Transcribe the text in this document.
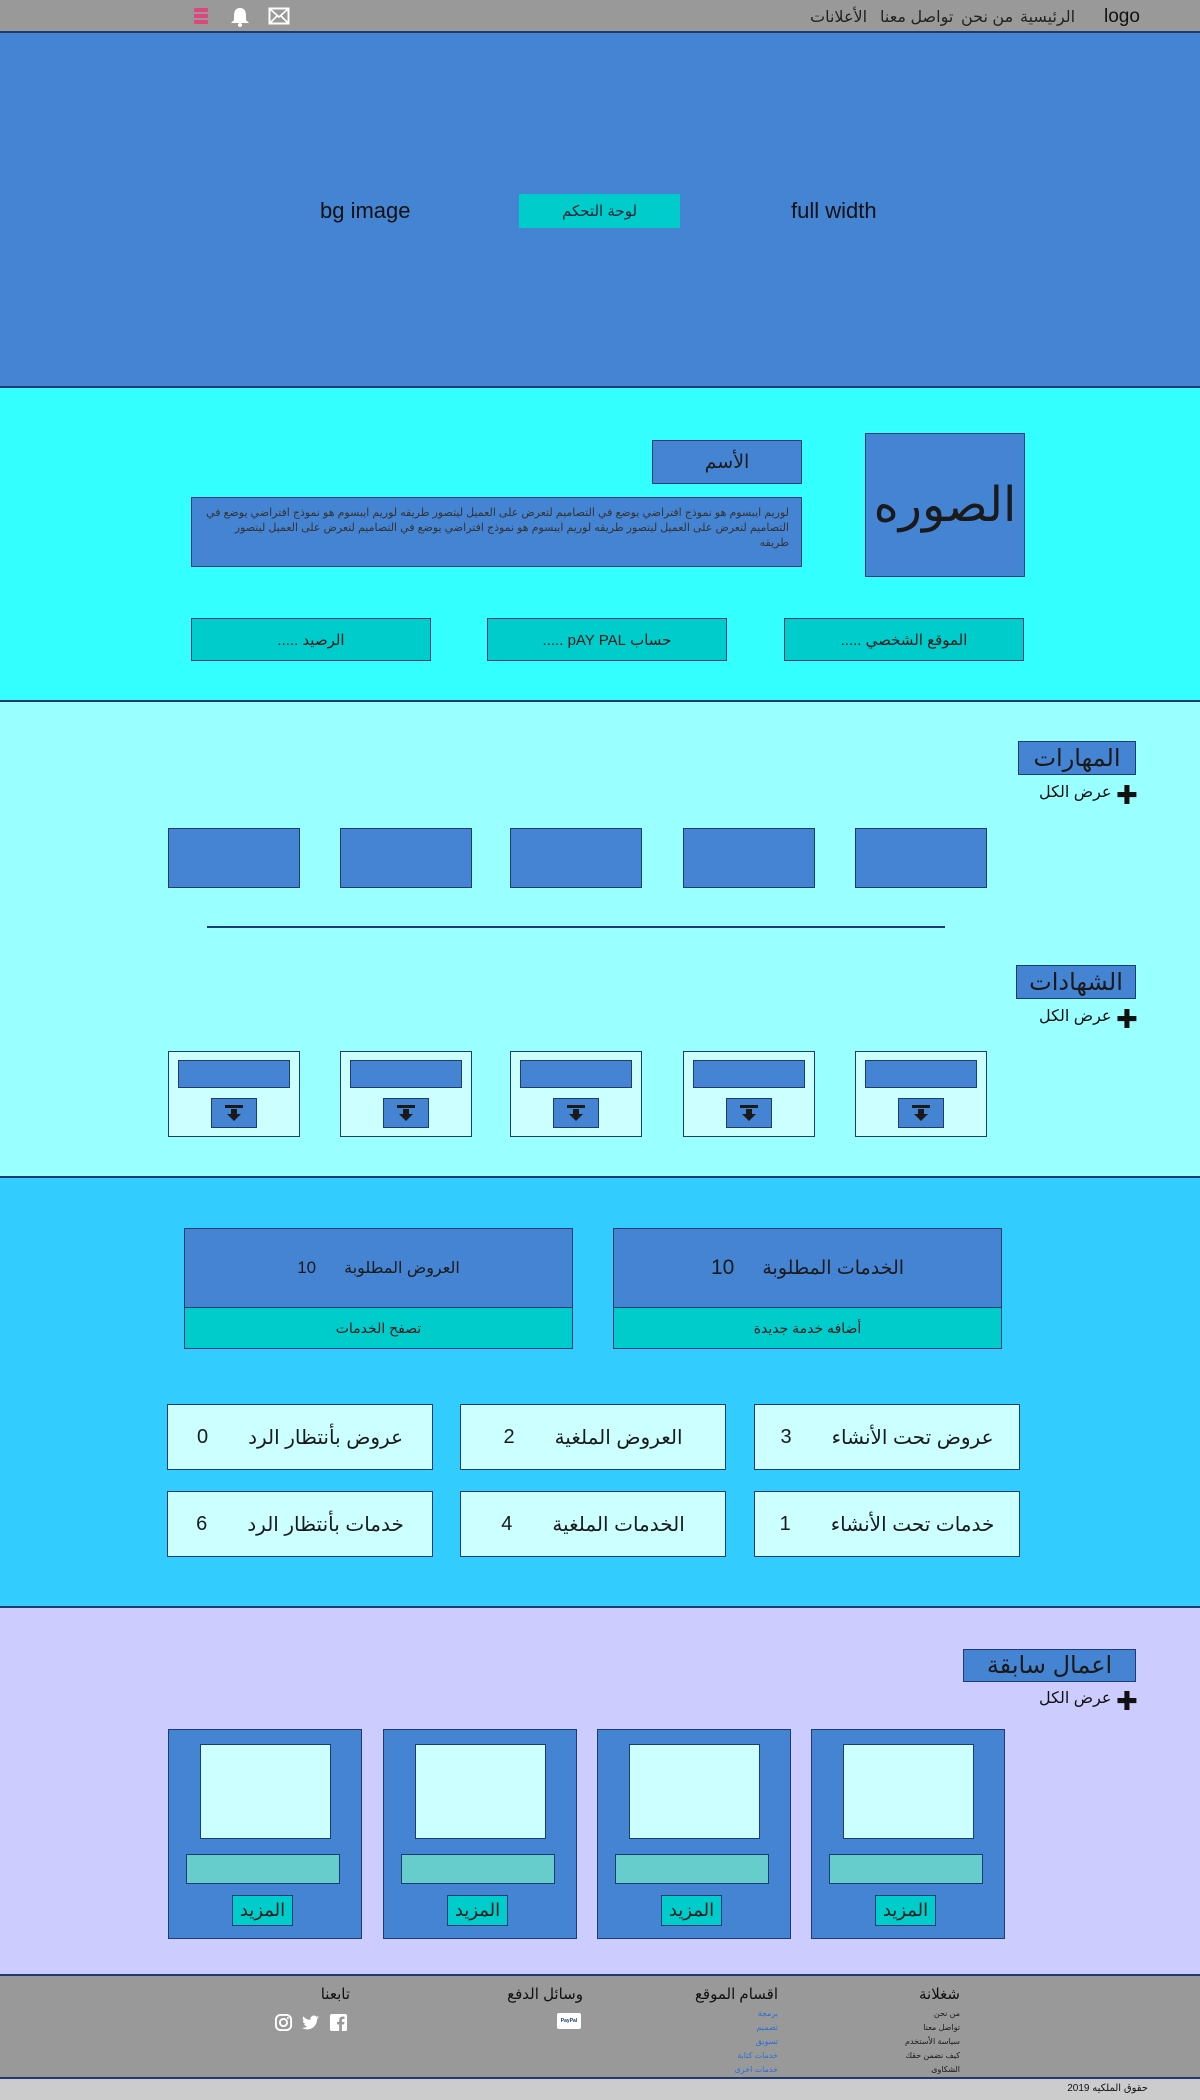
logo
الرئيسية
من نحن
تواصل معنا
الأعلانات
bg image	لوحة التحكم	full width
الصوره
الأسم
لوريم ايبسوم هو نموذج افتراضي يوضع في التصاميم لتعرض على العميل ليتصور طريقه لوريم ايبسوم هو نموذج افتراضي يوضع في التصاميم لتعرض على العميل ليتصور طريقه لوريم ايبسوم هو نموذج افتراضي يوضع في التصاميم لتعرض على العميل ليتصور طريقه
الموقع الشخصي .....
حساب pAY PAL .....
الرصيد .....
المهارات
عرض الكل ✚
الشهادات
عرض الكل ✚
الخدمات المطلوبة
10
أضافه خدمة جديدة
العروض المطلوبة
10
تصفح الخدمات
عروض تحت الأنشاء
3
العروض الملغية
2
عروض بأنتظار الرد
0
خدمات تحت الأنشاء
1
الخدمات الملغية
4
خدمات بأنتظار الرد
6
اعمال سابقة
عرض الكل ✚
المزيد
المزيد
المزيد
المزيد
شغلانة
من نحن
تواصل معنا
سياسة الأستخدم
كيف نضمن حقك
الشكاوى
اقسام الموقع
برمجة
تصميم
تسويق
خدمات كتابة
خدمات اخرى
وسائل الدفع
PayPal
تابعنا
حقوق الملكيه 2019
